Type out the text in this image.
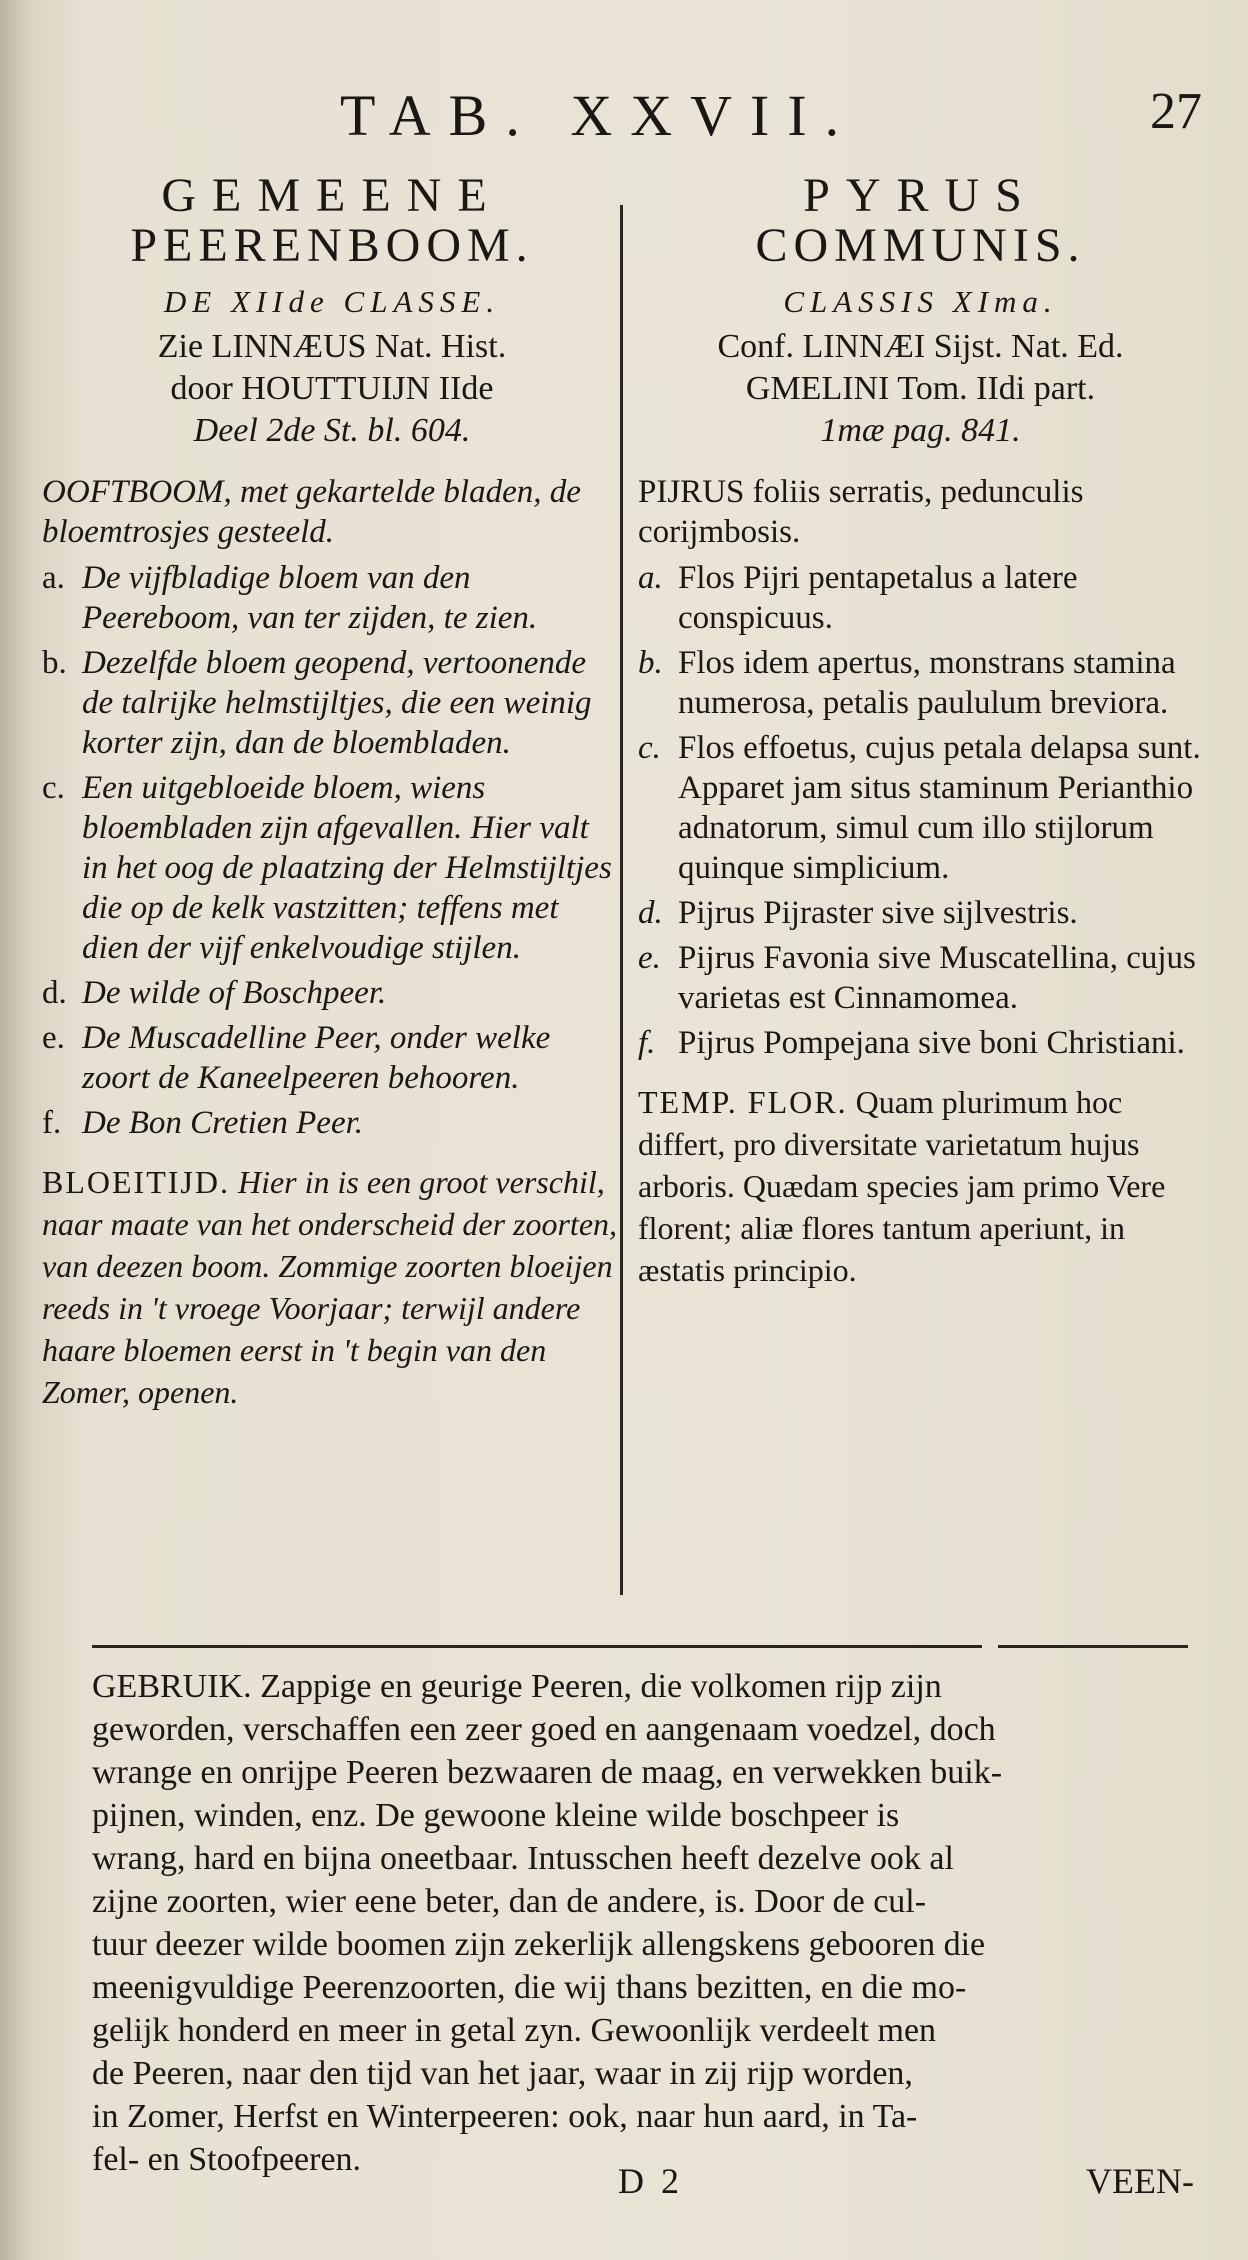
TAB. XXVII.	27
GEMEENE
PEERENBOOM.
DE XIIde CLASSE.
Zie LINNÆUS Nat. Hist.
door HOUTTUIJN IIde
Deel 2de St. bl. 604.
OOFTBOOM, met gekartelde bladen, de bloemtrosjes gesteeld.
a. De vijfbladige bloem van den Peereboom, van ter zijden, te zien.
b. Dezelfde bloem geopend, vertoonende de talrijke helmstijltjes, die een weinig korter zijn, dan de bloembladen.
c. Een uitgebloeide bloem, wiens bloembladen zijn afgevallen. Hier valt in het oog de plaatzing der Helmstijltjes die op de kelk vastzitten; teffens met dien der vijf enkelvoudige stijlen.
d. De wilde of Boschpeer.
e. De Muscadelline Peer, onder welke zoort de Kaneelpeeren behooren.
f. De Bon Cretien Peer.
BLOEITIJD. Hier in is een groot verschil, naar maate van het onderscheid der zoorten, van deezen boom. Zommige zoorten bloeijen reeds in 't vroege Voorjaar; terwijl andere haare bloemen eerst in 't begin van den Zomer, openen.
PYRUS
COMMUNIS.
CLASSIS XIma.
Conf. LINNÆI Sijst. Nat. Ed.
GMELINI Tom. IIdi part.
1mæ pag. 841.
PIJRUS foliis serratis, pedunculis corijmbosis.
a. Flos Pijri pentapetalus a latere conspicuus.
b. Flos idem apertus, monstrans stamina numerosa, petalis paululum breviora.
c. Flos effoetus, cujus petala delapsa sunt. Apparet jam situs staminum Perianthio adnatorum, simul cum illo stijlorum quinque simplicium.
d. Pijrus Pijraster sive sijlvestris.
e. Pijrus Favonia sive Muscatellina, cujus varietas est Cinnamomea.
f. Pijrus Pompejana sive boni Christiani.
TEMP. FLOR. Quam plurimum hoc differt, pro diversitate varietatum hujus arboris. Quædam species jam primo Vere florent; aliæ flores tantum aperiunt, in æstatis principio.
GEBRUIK. Zappige en geurige Peeren, die volkomen rijp zijn
geworden, verschaffen een zeer goed en aangenaam voedzel, doch
wrange en onrijpe Peeren bezwaaren de maag, en verwekken buik-
pijnen, winden, enz. De gewoone kleine wilde boschpeer is
wrang, hard en bijna oneetbaar. Intusschen heeft dezelve ook al
zijne zoorten, wier eene beter, dan de andere, is. Door de cul-
tuur deezer wilde boomen zijn zekerlijk allengskens gebooren die
meenigvuldige Peerenzoorten, die wij thans bezitten, en die mo-
gelijk honderd en meer in getal zyn. Gewoonlijk verdeelt men
de Peeren, naar den tijd van het jaar, waar in zij rijp worden,
in Zomer, Herfst en Winterpeeren: ook, naar hun aard, in Ta-
fel- en Stoofpeeren.
D 2	VEEN-
